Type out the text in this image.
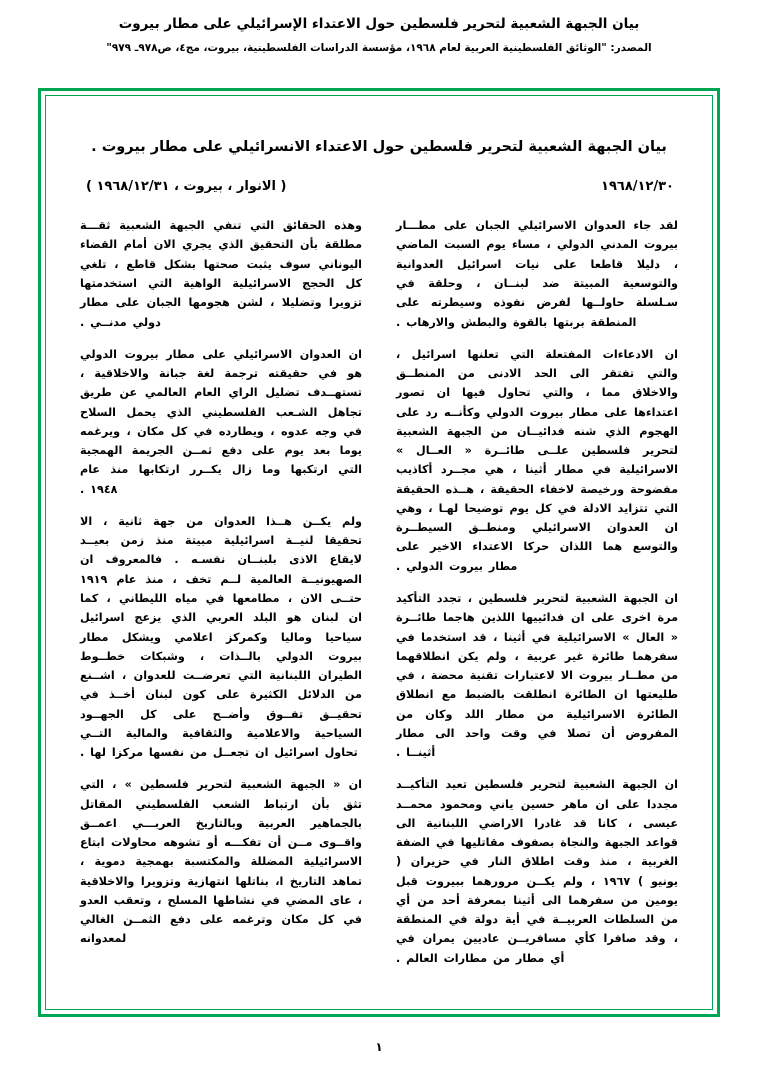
بيان الجبهة الشعبية لتحرير فلسطين حول الاعتداء الإسرائيلي على مطار بيروت
المصدر: "الوثائق الفلسطينية العربية لعام ١٩٦٨، مؤسسة الدراسات الفلسطينية، بيروت، مج٤، ص٩٧٨ـ ٩٧٩"
بيان الجبهة الشعبية لتحرير فلسطين حول الاعتداء الانسرائيلي على مطار بيروت .
١٩٦٨/١٢/٣٠
( الانوار ، بيروت ، ١٩٦٨/١٢/٣١ )

لقد جاء العدوان الاسرائيلي الجبان على مطـــار بيروت المدني الدولي ، مساء يوم السبت الماضي ، دليلا قاطعا على نيات اسرائيل العدوانية والتوسعية المبيتة ضد لبنــان ، وحلقة في سـلسلة حاولــها لفرض نفوذه وسيطرته على المنطقة بربتها بالقوة والبطش والارهاب .

ان الادعاءات المفتعلة التي تعلنها اسرائيل ، والتي تفتقر الى الحد الادنى من المنطــق والاخلاق مما ، والتي تحاول فيها ان تصور اعتداءها على مطار بيروت الدولي وكأنــه رد على الهجوم الذي شنه فدائيــان من الجبهة الشعبية لتحرير فلسطين علــى طائــرة « العــال » الاسرائيلية في مطار أثينا ، هي مجــرد أكاذيب مفضوحة ورخيصة لاخفاء الحقيقة ، هــذه الحقيقة التي تتزايد الادلة في كل يوم توضيحا لهـا ، وهي ان العدوان الاسرائيلي ومنطــق السيطــرة والتوسع هما اللذان حركا الاعتداء الاخير على مطار بيروت الدولي .

ان الجبهة الشعبية لتحرير فلسطين ، تجدد التأكيد مرة اخرى على ان فدائييها اللذين هاجما طائــرة « العال » الاسرائيلية في أثينا ، قد استخدما في سفرهما طائرة غير عربية ، ولم يكن انطلاقهما من مطــار بيروت الا لاعتبارات تقنية محضة ، في طليعتها ان الطائرة انطلقت بالضبط مع انطلاق الطائرة الاسرائيلية من مطار اللد وكان من المفروض أن تصلا في وقت واحد الى مطار أثينــا .

ان الجبهة الشعبية لتحرير فلسطين تعيد التأكيــد مجددا على ان ماهر حسين ياني ومحمود محمــد عيسى ، كانا قد غادرا الاراضي اللبنانية الى قواعد الجبهة والنجاة بصفوف مقاتليها في الضفة الغربية ، منذ وقت اطلاق النار في حزيران ( يونيو ) ١٩٦٧ ، ولم يكــن مرورهما ببيروت قبل يومين من سفرهما الى أثينا بمعرفة أحد من أي من السلطات العربيــة في أية دولة في المنطقة ، وقد صافرا كأي مسافريــن عاديين يمران في أي مطار من مطارات العالم .

وهذه الحقائق التي تنفي الجبهة الشعبية ثقـــة مطلقة بأن التحقيق الذي يجري الان أمام القضاء اليوناني سوف يثبت صحتها بشكل قاطع ، تلغي كل الحجج الاسرائيلية الواهية التي استخدمتها تزويرا وتضليلا ، لشن هجومها الجبان على مطار دولي مدنــي .

ان العدوان الاسرائيلي على مطار بيروت الدولي هو في حقيقته ترجمة لغة جبانة والاخلاقية ، تستهــدف تضليل الراي العام العالمي عن طريق تجاهل الشـعب الفلسطيني الذي يحمل السلاح في وجه عدوه ، ويطارده في كل مكان ، ويرغمه يوما بعد يوم على دفع ثمــن الجريمة الهمجية التي ارتكبها وما زال يكــرر ارتكابها منذ عام ١٩٤٨ .

ولم يكــن هــذا العدوان من جهة ثانية ، الا تحقيقا لنيــة اسرائيلية مبيتة منذ زمن بعيــد لايقاع الاذى بلبنــان نفسـه . فالمعروف ان الصهيونيــة العالمية لــم تخف ، منذ عام ١٩١٩ حتــى الان ، مطامعها في مياه الليطاني ، كما ان لبنان هو البلد العربي الذي يزعج اسرائيل سياحيا وماليا وكمركز اعلامي ويشكل مطار بيروت الدولي بالــذات ، وشبكات خطــوط الطيران اللبنانية التي تعرضــت للعدوان ، اشــنع من الدلائل الكثيرة على كون لبنان أخــذ في تحقيــق تفــوق وأضــح على كل الجهــود السياحية والاعلامية والثقافية والمالية التــي تحاول اسرائيل ان تجعــل من نفسها مركزا لها .

ان « الجبهة الشعبية لتحرير فلسطين » ، التي تثق بأن ارتباط الشعب الفلسطيني المقاتل بالجماهير العربية وبالتاريخ العربـــي اعمــق واقــوى مــن أن تفكـــه أو تشوهه محاولات ابتاع الاسرائيلية المضللة والمكتسبة بهمجية دموية ، تماهد التاريخ ا، بناتلها انتهازية وتزويرا والاخلاقية ، عاى المضي في نشاطها المسلح ، وتعقب العدو في كل مكان وترغمه على دفع الثمــن الغالي لمعدوانه

١
